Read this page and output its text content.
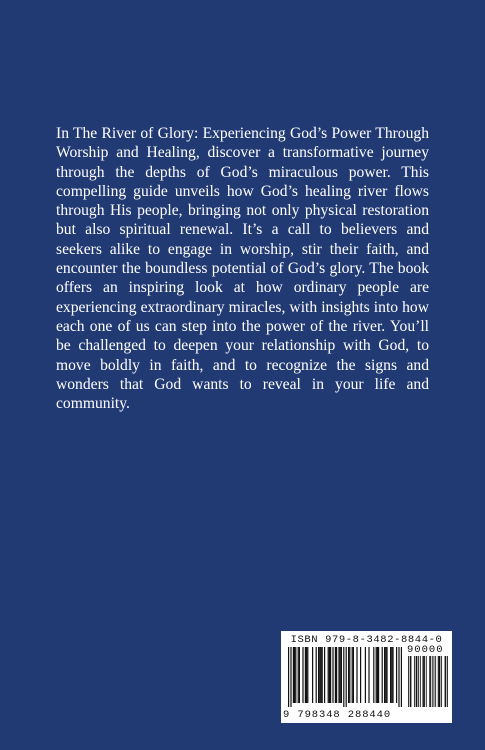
In The River of Glory: Experiencing God’s Power Through Worship and Healing, discover a transformative journey through the depths of God’s miraculous power. This compelling guide unveils how God’s healing river flows through His people, bringing not only physical restoration but also spiritual renewal. It’s a call to believers and seekers alike to engage in worship, stir their faith, and encounter the boundless potential of God’s glory. The book offers an inspiring look at how ordinary people are experiencing extraordinary miracles, with insights into how each one of us can step into the power of the river. You’ll be challenged to deepen your relationship with God, to move boldly in faith, and to recognize the signs and wonders that God wants to reveal in your life and community.

ISBN 979-8-3482-8844-0
90000
9 798348 288440
